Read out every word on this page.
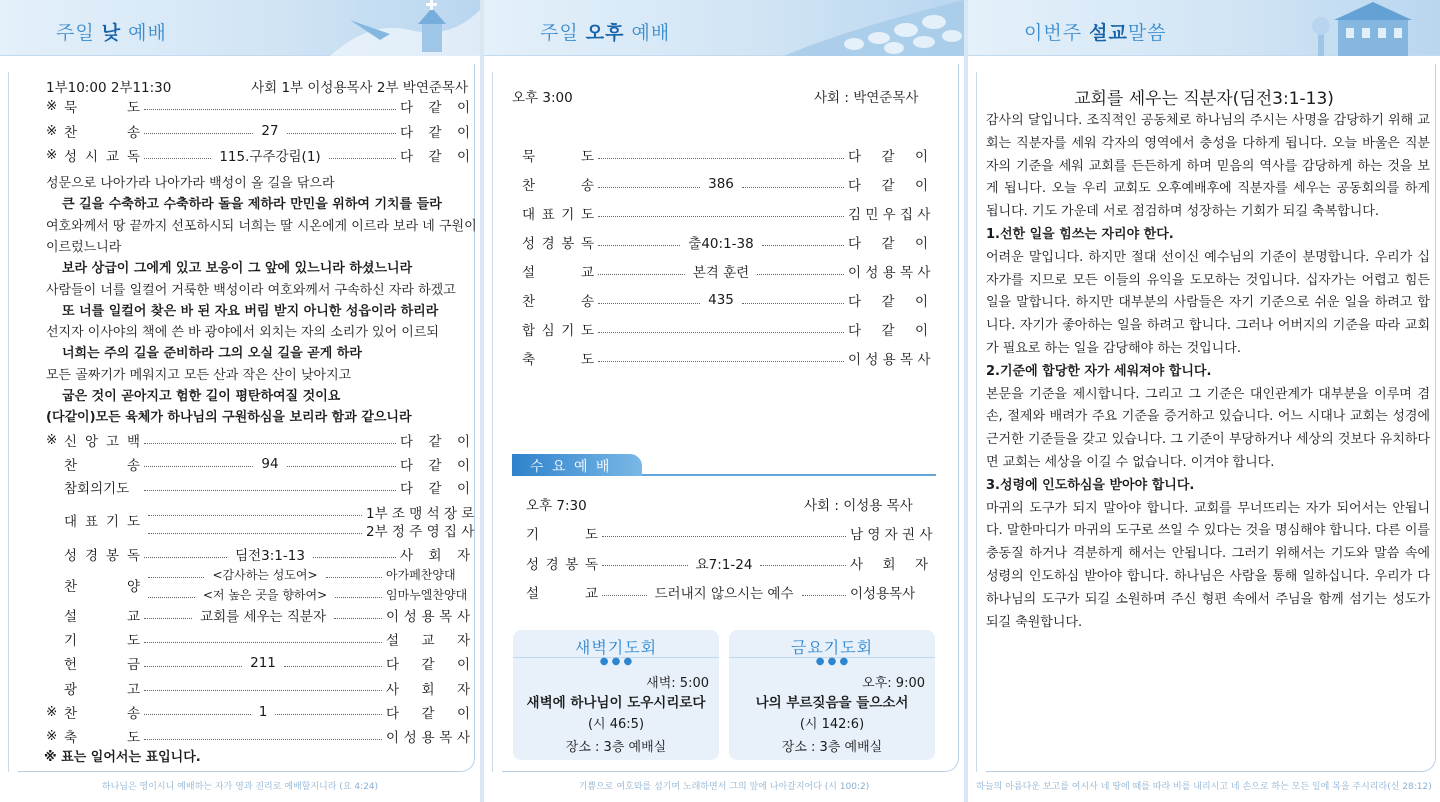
주일 낮 예배
1부10:00 2부11:30	사회 1부 이성용목사 2부 박연준목사
※ 묵 도	다 같 이
※ 찬 송	27	다 같 이
※ 성 시 교 독	115.구주강림(1)	다 같 이
성문으로 나아가라 나아가라 백성이 올 길을 닦으라
큰 길을 수축하고 수축하라 돌을 제하라 만민을 위하여 기치를 들라
여호와께서 땅 끝까지 선포하시되 너희는 딸 시온에게 이르라 보라 네 구원이
이르렀느니라
보라 상급이 그에게 있고 보응이 그 앞에 있느니라 하셨느니라
사람들이 너를 일컬어 거룩한 백성이라 여호와께서 구속하신 자라 하겠고
또 너를 일컬어 찾은 바 된 자요 버림 받지 아니한 성읍이라 하리라
선지자 이사야의 책에 쓴 바 광야에서 외치는 자의 소리가 있어 이르되
너희는 주의 길을 준비하라 그의 오실 길을 곧게 하라
모든 골짜기가 메워지고 모든 산과 작은 산이 낮아지고
굽은 것이 곧아지고 험한 길이 평탄하여질 것이요
(다같이)모든 육체가 하나님의 구원하심을 보리라 함과 같으니라
※ 신 앙 고 백	다 같 이
찬 송	94	다 같 이
참회의기도	다 같 이
대 표 기 도	1부 조 맹 석 장 로
2부 정 주 영 집 사
성 경 봉 독	딤전3:1-13	사 회 자
찬 양
<감사하는 성도여>	아가페찬양대
<저 높은 곳을 향하여>	임마누엘찬양대
설 교	교회를 세우는 직분자	이 성 용 목 사
기 도	설 교 자
헌 금	211	다 같 이
광 고	사 회 자
※ 찬 송	1	다 같 이
※ 축 도	이 성 용 목 사
※ 표는 일어서는 표입니다.
하나님은 영이시니 예배하는 자가 영과 진리로 예배할지니라 (요 4:24)
주일 오후 예배
오후 3:00	사회 : 박연준목사
묵 도	다 같 이
찬 송	386	다 같 이
대 표 기 도	김 민 우 집 사
성 경 봉 독	출40:1-38	다 같 이
설 교	본격 훈련	이 성 용 목 사
찬 송	435	다 같 이
합 심 기 도	다 같 이
축 도	이 성 용 목 사
수 요 예 배
오후 7:30	사회 : 이성용 목사
기 도	남 영 자 권 사
성 경 봉 독	요7:1-24	사 회 자
설 교	드러내지 않으시는 예수	이성용목사
새벽기도회
● ● ●
새벽: 5:00
새벽에 하나님이 도우시리로다
(시 46:5)
장소 : 3층 예배실
금요기도회
● ● ●
오후: 9:00
나의 부르짖음을 들으소서
(시 142:6)
장소 : 3층 예배실
기쁨으로 여호와를 섬기며 노래하면서 그의 앞에 나아갈지어다 (시 100:2)
이번주 설교말씀
교회를 세우는 직분자(딤전3:1-13)

감사의 달입니다. 조직적인 공동체로 하나님의 주시는 사명을 감당하기 위해 교회는 직분자를 세워 각자의 영역에서 충성을 다하게 됩니다. 오늘 바울은 직분자의 기준을 세워 교회를 든든하게 하며 믿음의 역사를 감당하게 하는 것을 보게 됩니다. 오늘 우리 교회도 오후예배후에 직분자를 세우는 공동회의를 하게 됩니다. 기도 가운데 서로 점검하며 성장하는 기회가 되길 축복합니다.

1.선한 일을 힘쓰는 자리야 한다.

어려운 말입니다. 하지만 절대 선이신 예수님의 기준이 분명합니다. 우리가 십자가를 지므로 모든 이들의 유익을 도모하는 것입니다. 십자가는 어렵고 힘든 일을 말합니다. 하지만 대부분의 사람들은 자기 기준으로 쉬운 일을 하려고 합니다. 자기가 좋아하는 일을 하려고 합니다. 그러나 어버지의 기준을 따라 교회가 필요로 하는 일을 감당해야 하는 것입니다.

2.기준에 합당한 자가 세워져야 합니다.

본문을 기준을 제시합니다. 그리고 그 기준은 대인관계가 대부분을 이루며 겸손, 절제와 배려가 주요 기준을 증거하고 있습니다. 어느 시대나 교회는 성경에 근거한 기준들을 갖고 있습니다. 그 기준이 부당하거나 세상의 것보다 유치하다면 교회는 세상을 이길 수 없습니다. 이겨야 합니다.

3.성령에 인도하심을 받아야 합니다.

마귀의 도구가 되지 말아야 합니다. 교회를 무너뜨리는 자가 되어서는 안됩니다. 말한마디가 마귀의 도구로 쓰일 수 있다는 것을 명심해야 합니다. 다른 이를 충동질 하거나 격분하게 해서는 안됩니다. 그러기 위해서는 기도와 말씀 속에 성령의 인도하심 받아야 합니다. 하나님은 사람을 통해 일하십니다. 우리가 다 하나님의 도구가 되길 소원하며 주신 형편 속에서 주님을 함께 섬기는 성도가 되길 축원합니다.

하늘의 아름다운 보고를 여시사 네 땅에 때를 따라 비를 내리시고 네 손으로 하는 모든 일에 복을 주시리라(신 28:12)
